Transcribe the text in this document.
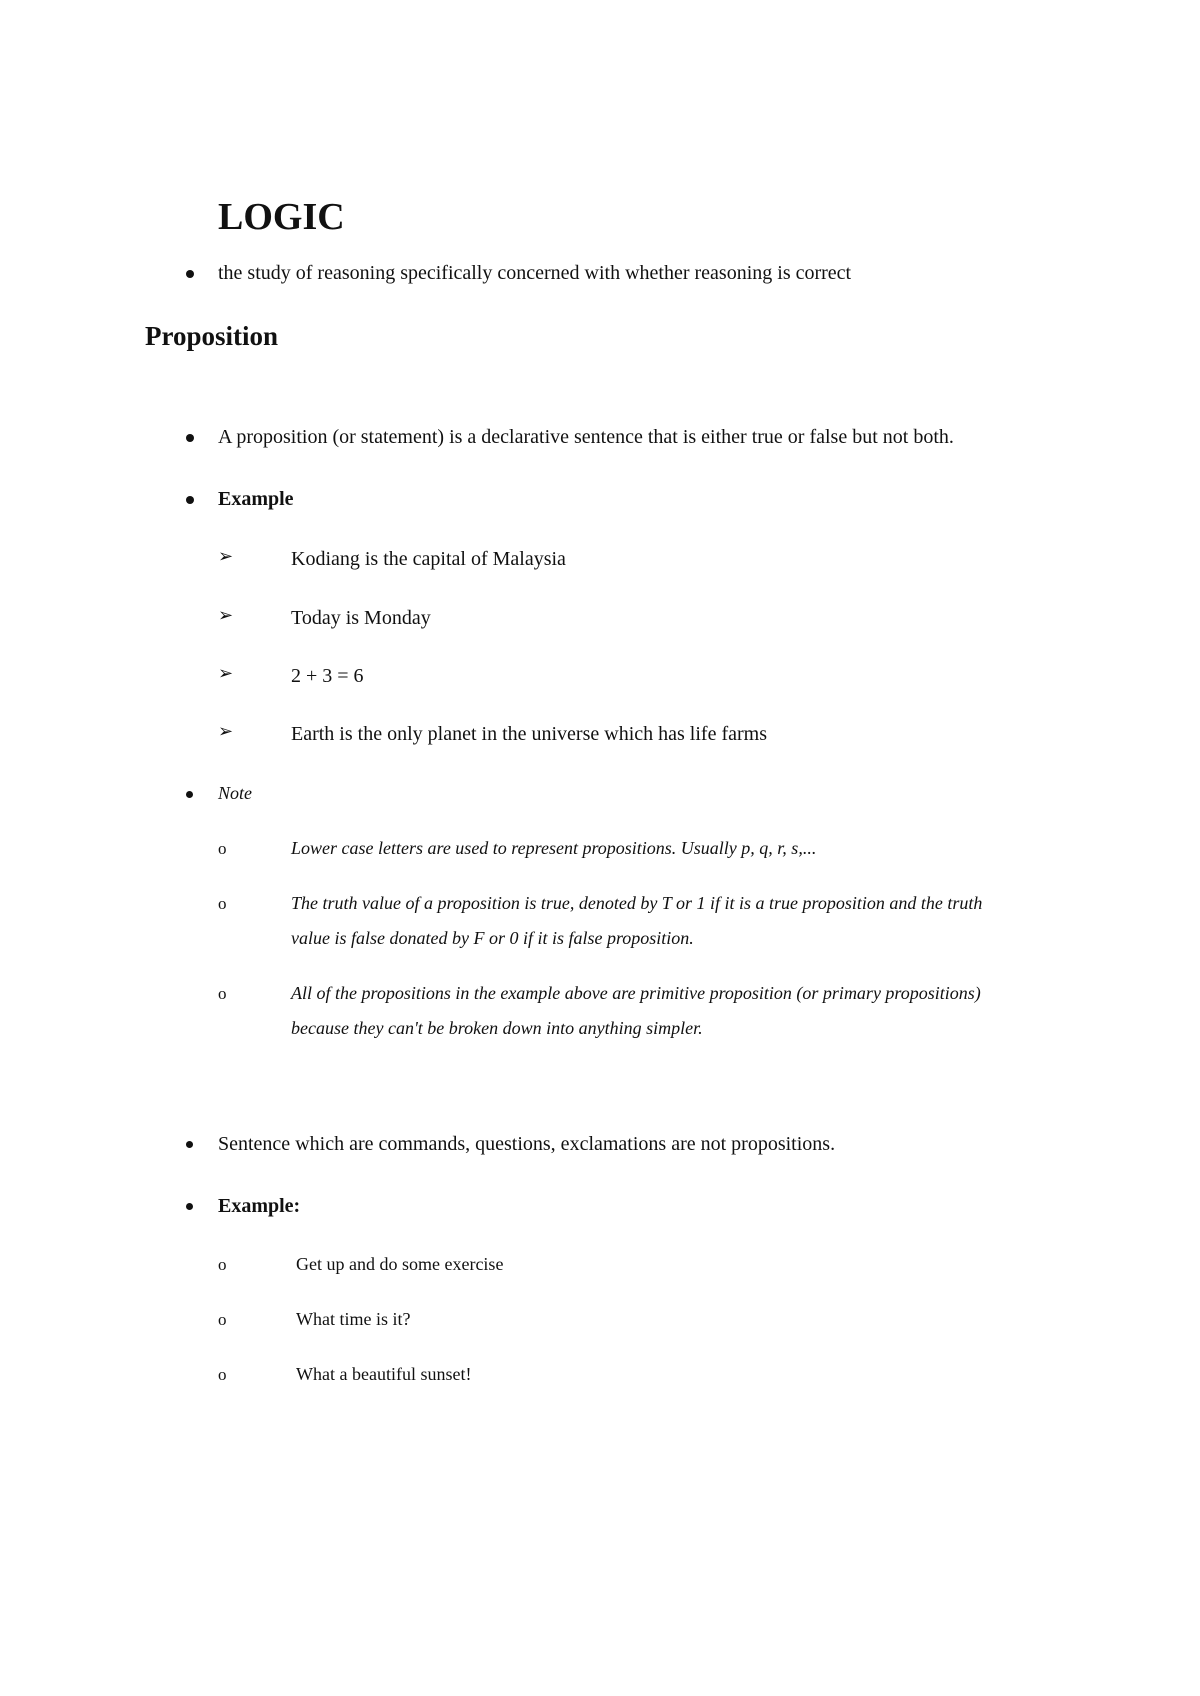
LOGIC
the study of reasoning specifically concerned with whether reasoning is correct
Proposition
A proposition (or statement) is a declarative sentence that is either true or false but not both.
Example
➢	Kodiang is the capital of Malaysia
➢	Today is Monday
➢	2 + 3 = 6
➢	Earth is the only planet in the universe which has life farms
Note
o	Lower case letters are used to represent propositions. Usually p, q, r, s,...
o	The truth value of a proposition is true, denoted by T or 1 if it is a true proposition and the truth
value is false donated by F or 0 if it is false proposition.
o	All of the propositions in the example above are primitive proposition (or primary propositions)
because they can't be broken down into anything simpler.
Sentence which are commands, questions, exclamations are not propositions.
Example:
o	Get up and do some exercise
o	What time is it?
o	What a beautiful sunset!
